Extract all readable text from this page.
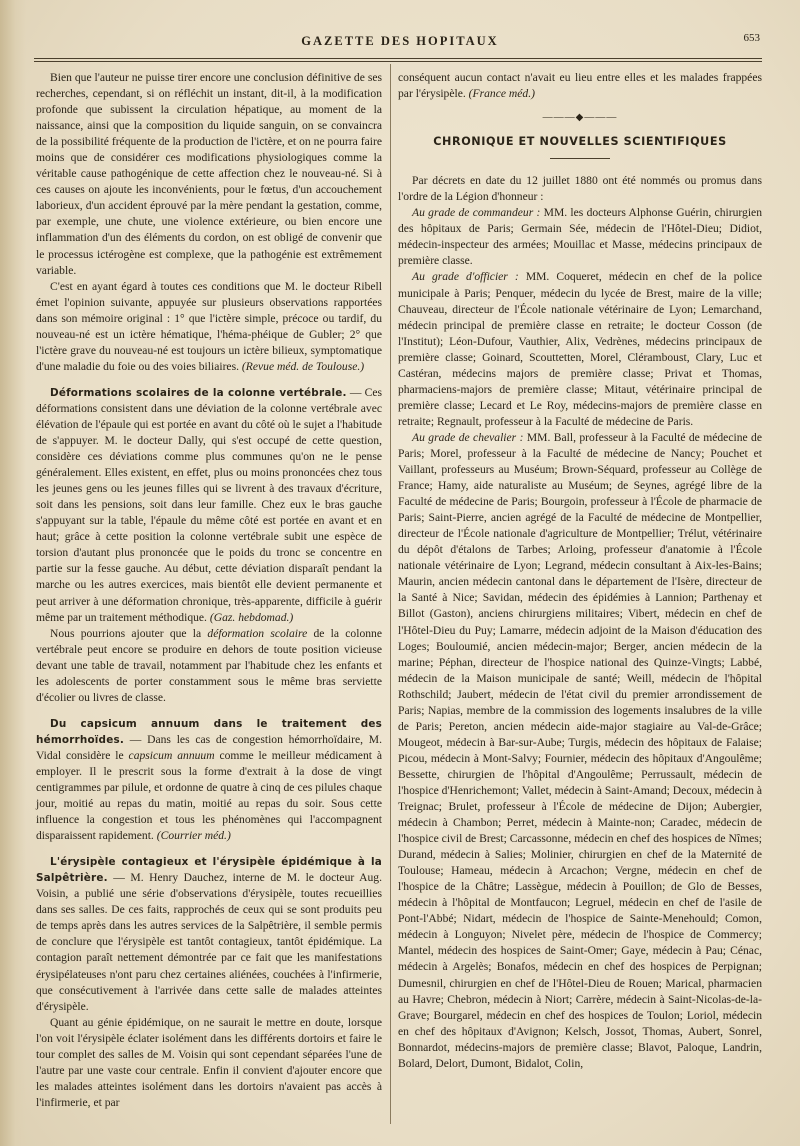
GAZETTE DES HOPITAUX	653

Bien que l'auteur ne puisse tirer encore une conclusion définitive de ses recherches, cependant, si on réfléchit un instant, dit-il, à la modification profonde que subissent la circulation hépatique, au moment de la naissance, ainsi que la composition du liquide sanguin, on se convaincra de la possibilité fréquente de la production de l'ictère, et on ne pourra faire moins que de considérer ces modifications physiologiques comme la véritable cause pathogénique de cette affection chez le nouveau-né. Si à ces causes on ajoute les inconvénients, pour le fœtus, d'un accouchement laborieux, d'un accident éprouvé par la mère pendant la gestation, comme, par exemple, une chute, une violence extérieure, ou bien encore une inflammation d'un des éléments du cordon, on est obligé de convenir que le processus ictérogène est complexe, que la pathogénie est extrêmement variable.

C'est en ayant égard à toutes ces conditions que M. le docteur Ribell émet l'opinion suivante, appuyée sur plusieurs observations rapportées dans son mémoire original : 1° que l'ictère simple, précoce ou tardif, du nouveau-né est un ictère hématique, l'héma-phéique de Gubler; 2° que l'ictère grave du nouveau-né est toujours un ictère bilieux, symptomatique d'une maladie du foie ou des voies biliaires. (Revue méd. de Toulouse.)

Déformations scolaires de la colonne vertébrale. — Ces déformations consistent dans une déviation de la colonne vertébrale avec élévation de l'épaule qui est portée en avant du côté où le sujet a l'habitude de s'appuyer. M. le docteur Dally, qui s'est occupé de cette question, considère ces déviations comme plus communes qu'on ne le pense généralement. Elles existent, en effet, plus ou moins prononcées chez tous les jeunes gens ou les jeunes filles qui se livrent à des travaux d'écriture, soit dans les pensions, soit dans leur famille. Chez eux le bras gauche s'appuyant sur la table, l'épaule du même côté est portée en avant et en haut; grâce à cette position la colonne vertébrale subit une espèce de torsion d'autant plus prononcée que le poids du tronc se concentre en partie sur la fesse gauche. Au début, cette déviation disparaît pendant la marche ou les autres exercices, mais bientôt elle devient permanente et peut arriver à une déformation chronique, très-apparente, difficile à guérir même par un traitement méthodique. (Gaz. hebdomad.)

Nous pourrions ajouter que la déformation scolaire de la colonne vertébrale peut encore se produire en dehors de toute position vicieuse devant une table de travail, notamment par l'habitude chez les enfants et les adolescents de porter constamment sous le même bras serviette d'écolier ou livres de classe.

Du capsicum annuum dans le traitement des hémorrhoïdes. — Dans les cas de congestion hémorrhoïdaire, M. Vidal considère le capsicum annuum comme le meilleur médicament à employer. Il le prescrit sous la forme d'extrait à la dose de vingt centigrammes par pilule, et ordonne de quatre à cinq de ces pilules chaque jour, moitié au repas du matin, moitié au repas du soir. Sous cette influence la congestion et tous les phénomènes qui l'accompagnent disparaissent rapidement. (Courrier méd.)

L'érysipèle contagieux et l'érysipèle épidémique à la Salpêtrière. — M. Henry Dauchez, interne de M. le docteur Aug. Voisin, a publié une série d'observations d'érysipèle, toutes recueillies dans ses salles. De ces faits, rapprochés de ceux qui se sont produits peu de temps après dans les autres services de la Salpêtrière, il semble permis de conclure que l'érysipèle est tantôt contagieux, tantôt épidémique. La contagion paraît nettement démontrée par ce fait que les manifestations érysipélateuses n'ont paru chez certaines aliénées, couchées à l'infirmerie, que consécutivement à l'arrivée dans cette salle de malades atteintes d'érysipèle.

Quant au génie épidémique, on ne saurait le mettre en doute, lorsque l'on voit l'érysipèle éclater isolément dans les différents dortoirs et faire le tour complet des salles de M. Voisin qui sont cependant séparées l'une de l'autre par une vaste cour centrale. Enfin il convient d'ajouter encore que les malades atteintes isolément dans les dortoirs n'avaient pas accès à l'infirmerie, et par

conséquent aucun contact n'avait eu lieu entre elles et les malades frappées par l'érysipèle. (France méd.)

———◆———
CHRONIQUE ET NOUVELLES SCIENTIFIQUES

Par décrets en date du 12 juillet 1880 ont été nommés ou promus dans l'ordre de la Légion d'honneur :

Au grade de commandeur : MM. les docteurs Alphonse Guérin, chirurgien des hôpitaux de Paris; Germain Sée, médecin de l'Hôtel-Dieu; Didiot, médecin-inspecteur des armées; Mouillac et Masse, médecins principaux de première classe.

Au grade d'officier : MM. Coqueret, médecin en chef de la police municipale à Paris; Penquer, médecin du lycée de Brest, maire de la ville; Chauveau, directeur de l'École nationale vétérinaire de Lyon; Lemarchand, médecin principal de première classe en retraite; le docteur Cosson (de l'Institut); Léon-Dufour, Vauthier, Alix, Vedrènes, médecins principaux de première classe; Goinard, Scouttetten, Morel, Cléramboust, Clary, Luc et Castéran, médecins majors de première classe; Privat et Thomas, pharmaciens-majors de première classe; Mitaut, vétérinaire principal de première classe; Lecard et Le Roy, médecins-majors de première classe en retraite; Regnault, professeur à la Faculté de médecine de Paris.

Au grade de chevalier : MM. Ball, professeur à la Faculté de médecine de Paris; Morel, professeur à la Faculté de médecine de Nancy; Pouchet et Vaillant, professeurs au Muséum; Brown-Séquard, professeur au Collège de France; Hamy, aide naturaliste au Muséum; de Seynes, agrégé libre de la Faculté de médecine de Paris; Bourgoin, professeur à l'École de pharmacie de Paris; Saint-Pierre, ancien agrégé de la Faculté de médecine de Montpellier, directeur de l'École nationale d'agriculture de Montpellier; Trélut, vétérinaire du dépôt d'étalons de Tarbes; Arloing, professeur d'anatomie à l'École nationale vétérinaire de Lyon; Legrand, médecin consultant à Aix-les-Bains; Maurin, ancien médecin cantonal dans le département de l'Isère, directeur de la Santé à Nice; Savidan, médecin des épidémies à Lannion; Parthenay et Billot (Gaston), anciens chirurgiens militaires; Vibert, médecin en chef de l'Hôtel-Dieu du Puy; Lamarre, médecin adjoint de la Maison d'éducation des Loges; Bouloumié, ancien médecin-major; Berger, ancien médecin de la marine; Péphan, directeur de l'hospice national des Quinze-Vingts; Labbé, médecin de la Maison municipale de santé; Weill, médecin de l'hôpital Rothschild; Jaubert, médecin de l'état civil du premier arrondissement de Paris; Napias, membre de la commission des logements insalubres de la ville de Paris; Pereton, ancien médecin aide-major stagiaire au Val-de-Grâce; Mougeot, médecin à Bar-sur-Aube; Turgis, médecin des hôpitaux de Falaise; Picou, médecin à Mont-Salvy; Fournier, médecin des hôpitaux d'Angoulême; Bessette, chirurgien de l'hôpital d'Angoulême; Perrussault, médecin de l'hospice d'Henrichemont; Vallet, médecin à Saint-Amand; Decoux, médecin à Treignac; Brulet, professeur à l'École de médecine de Dijon; Aubergier, médecin à Chambon; Perret, médecin à Mainte-non; Caradec, médecin de l'hospice civil de Brest; Carcassonne, médecin en chef des hospices de Nîmes; Durand, médecin à Salies; Molinier, chirurgien en chef de la Maternité de Toulouse; Hameau, médecin à Arcachon; Vergne, médecin en chef de l'hospice de la Châtre; Lassègue, médecin à Pouillon; de Glo de Besses, médecin à l'hôpital de Montfaucon; Legruel, médecin en chef de l'asile de Pont-l'Abbé; Nidart, médecin de l'hospice de Sainte-Menehould; Comon, médecin à Longuyon; Nivelet père, médecin de l'hospice de Commercy; Mantel, médecin des hospices de Saint-Omer; Gaye, médecin à Pau; Cénac, médecin à Argelès; Bonafos, médecin en chef des hospices de Perpignan; Dumesnil, chirurgien en chef de l'Hôtel-Dieu de Rouen; Marical, pharmacien au Havre; Chebron, médecin à Niort; Carrère, médecin à Saint-Nicolas-de-la-Grave; Bourgarel, médecin en chef des hospices de Toulon; Loriol, médecin en chef des hôpitaux d'Avignon; Kelsch, Jossot, Thomas, Aubert, Sonrel, Bonnardot, médecins-majors de première classe; Blavot, Paloque, Landrin, Bolard, Delort, Dumont, Bidalot, Colin,
